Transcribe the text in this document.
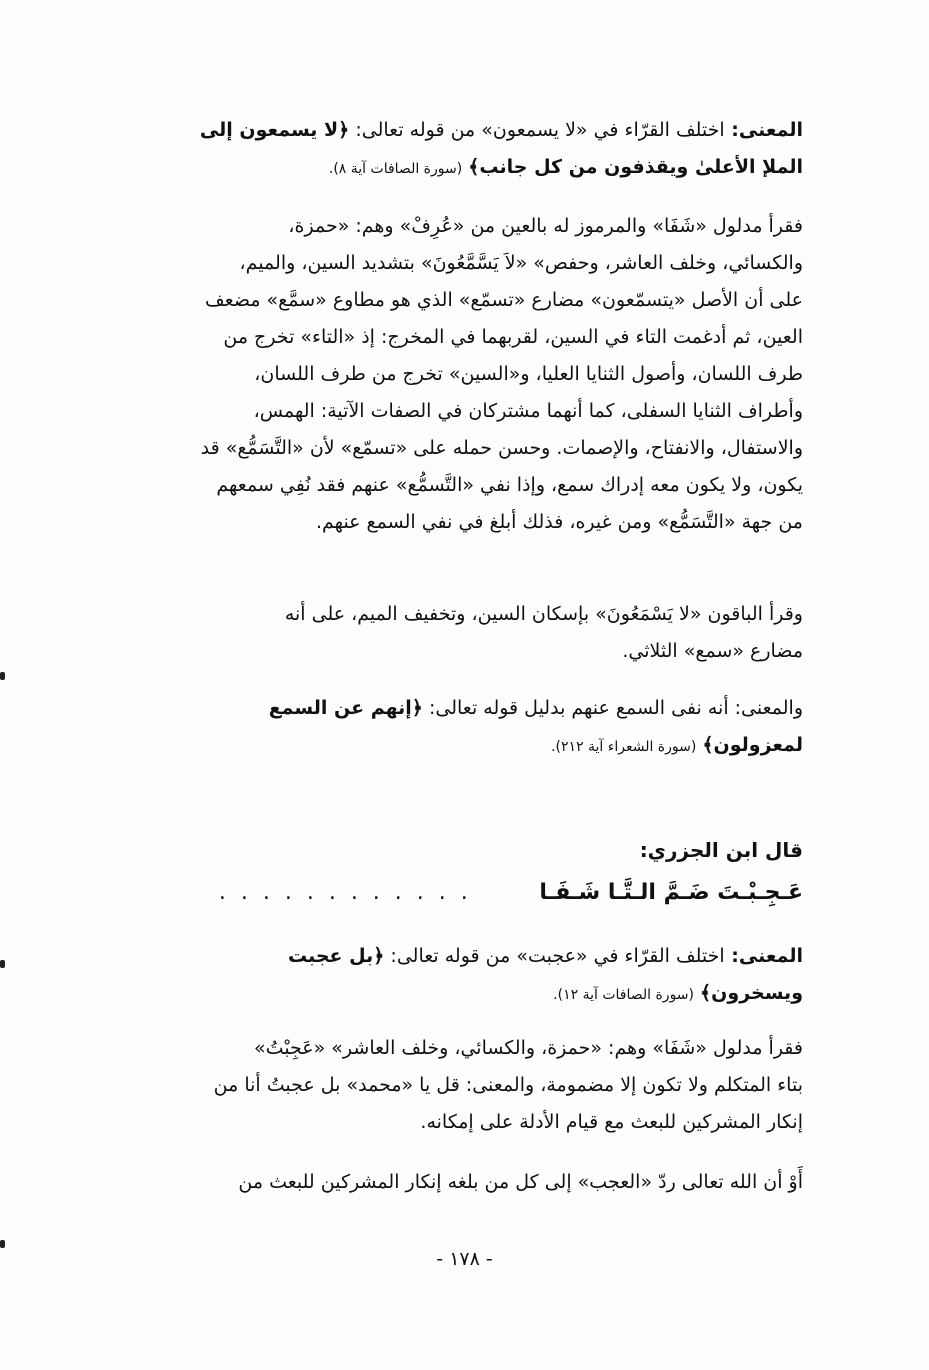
المعنى: اختلف القرّاء في «لا يسمعون» من قوله تعالى: ﴿لا يسمعون إلى

الملإ الأعلىٰ ويقذفون من كل جانب﴾ (سورة الصافات آية ٨).

فقرأ مدلول «شَفَا» والمرموز له بالعين من «عُرِفْ» وهم: «حمزة،

والكسائي، وخلف العاشر، وحفص» «لاَ يَسَّمَّعُونَ» بتشديد السين، والميم،

على أن الأصل «يتسمّعون» مضارع «تسمّع» الذي هو مطاوع «سمَّع» مضعف

العين، ثم أدغمت التاء في السين، لقربهما في المخرج: إذ «التاء» تخرج من

طرف اللسان، وأصول الثنايا العليا، و«السين» تخرج من طرف اللسان،

وأطراف الثنايا السفلى، كما أنهما مشتركان في الصفات الآتية: الهمس،

والاستفال، والانفتاح، والإصمات. وحسن حمله على «تسمّع» لأن «التَّسَمُّع» قد

يكون، ولا يكون معه إدراك سمع، وإذا نفي «التَّسمُّع» عنهم فقد نُفِي سمعهم

من جهة «التَّسَمُّع» ومن غيره، فذلك أبلغ في نفي السمع عنهم.

وقرأ الباقون «لا يَسْمَعُونَ» بإسكان السين، وتخفيف الميم، على أنه

مضارع «سمع» الثلاثي.

والمعنى: أنه نفى السمع عنهم بدليل قوله تعالى: ﴿إنهم عن السمع

لمعزولون﴾ (سورة الشعراء آية ٢١٢).

قال ابن الجزري:
عَـجِـبْـتَ ضَـمَّ الـتَّـا شَـفَـا . . . . . . . . . . . .

المعنى: اختلف القرّاء في «عجبت» من قوله تعالى: ﴿بل عجبت

ويسخرون﴾ (سورة الصافات آية ١٢).

فقرأ مدلول «شَفَا» وهم: «حمزة، والكسائي، وخلف العاشر» «عَجِبْتُ»

بتاء المتكلم ولا تكون إلا مضمومة، والمعنى: قل يا «محمد» بل عجبتُ أنا من

إنكار المشركين للبعث مع قيام الأدلة على إمكانه.

أَوْ أن الله تعالى ردّ «العجب» إلى كل من بلغه إنكار المشركين للبعث من

- ١٧٨ -
